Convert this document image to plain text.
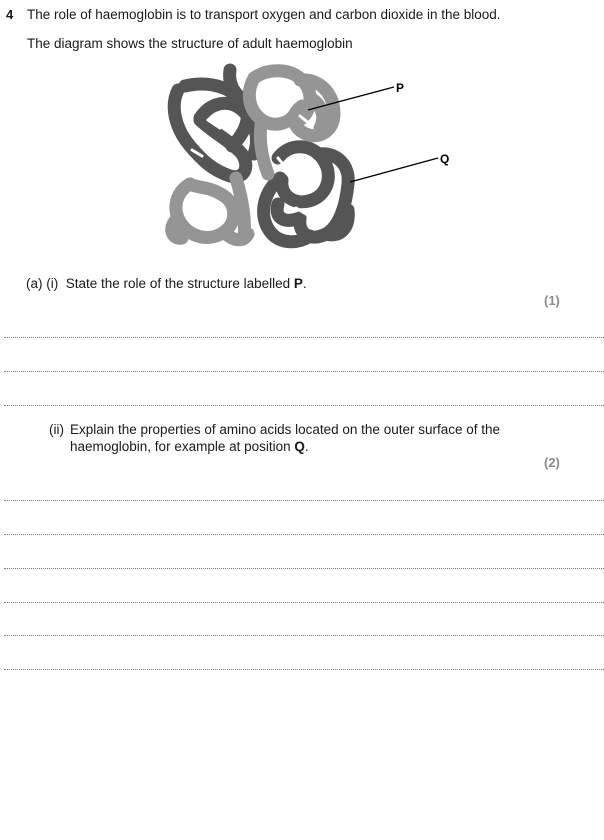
4 The role of haemoglobin is to transport oxygen and carbon dioxide in the blood.
The diagram shows the structure of adult haemoglobin
P
Q
(a) (i) State the role of the structure labelled P.
(1)
(ii) Explain the properties of amino acids located on the outer surface of the
haemoglobin, for example at position Q.
(2)
